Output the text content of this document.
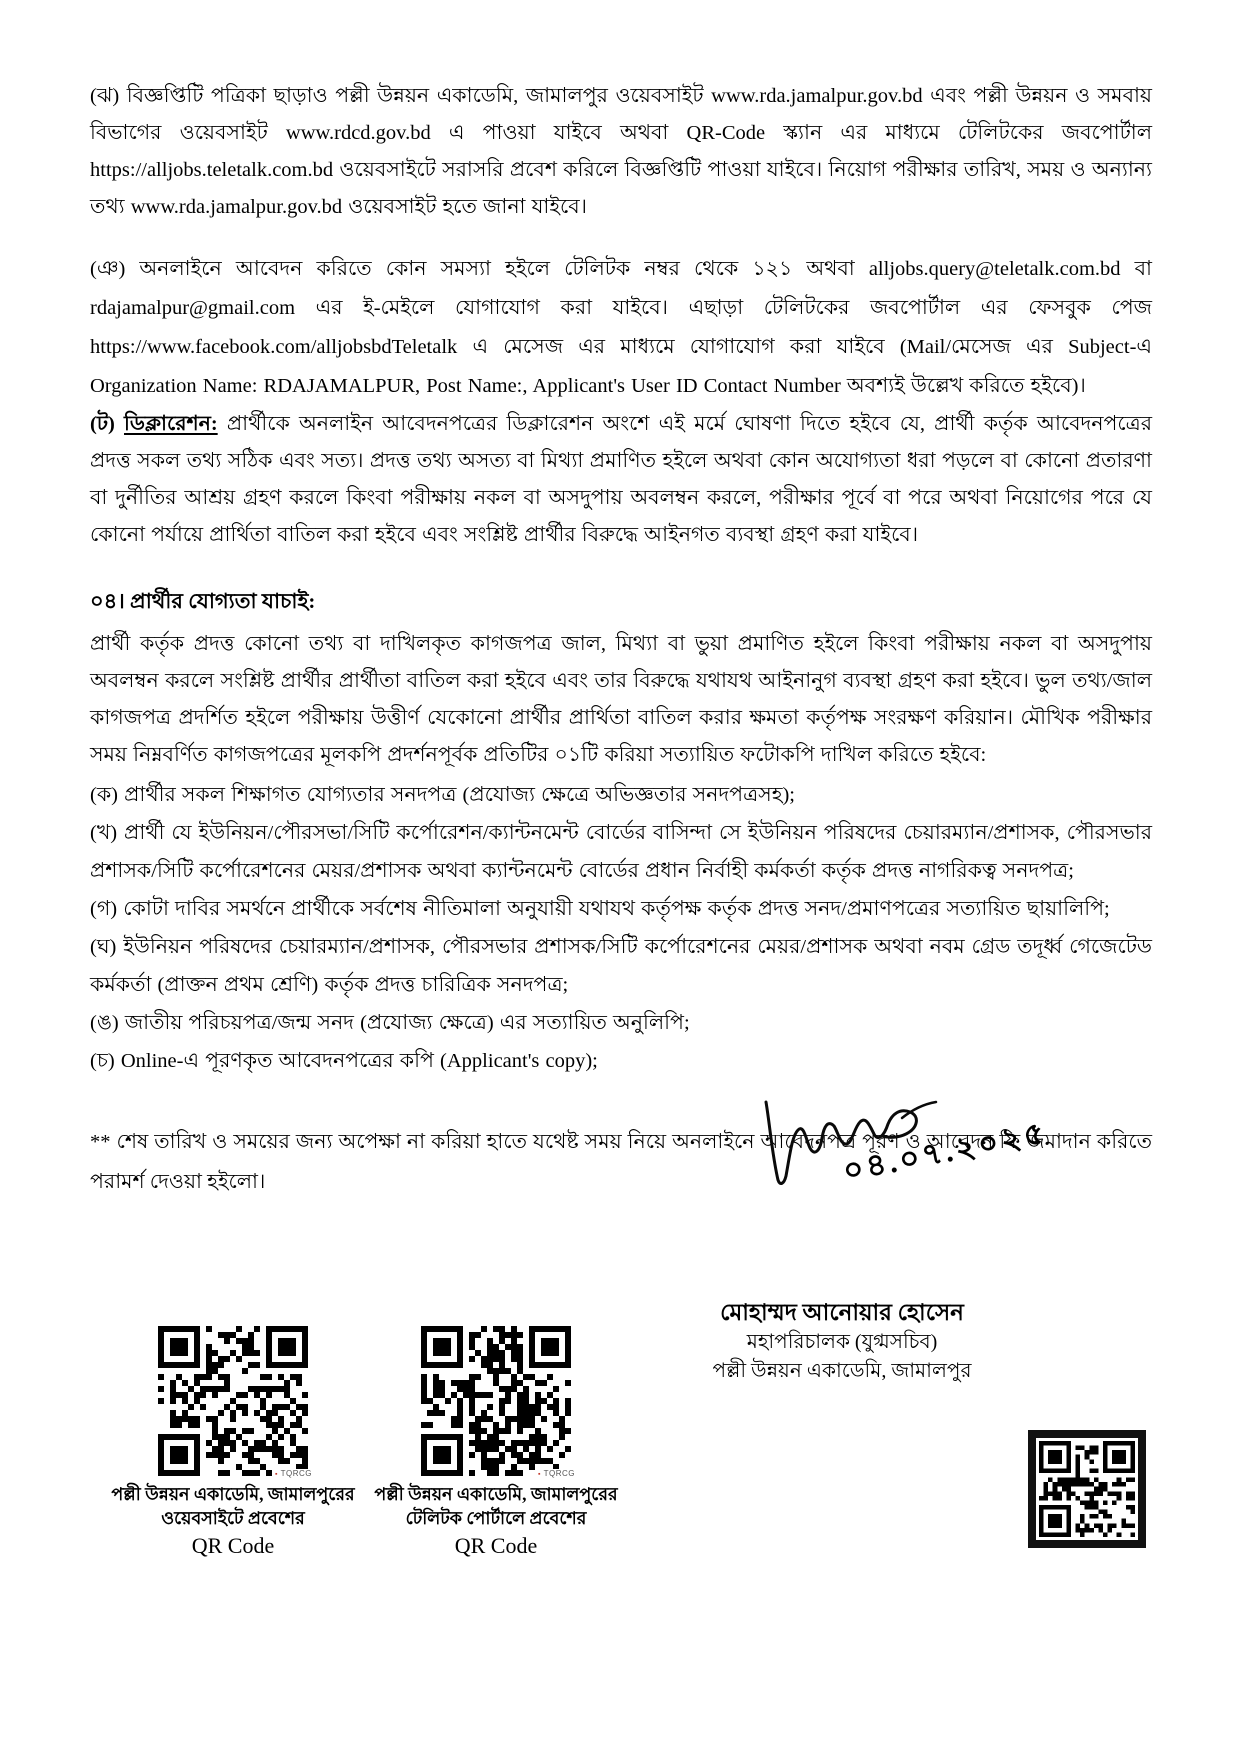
(ঝ) বিজ্ঞপ্তিটি পত্রিকা ছাড়াও পল্লী উন্নয়ন একাডেমি, জামালপুর ওয়েবসাইট www.rda.jamalpur.gov.bd এবং পল্লী উন্নয়ন ও সমবায় বিভাগের ওয়েবসাইট www.rdcd.gov.bd এ পাওয়া যাইবে অথবা QR-Code স্ক্যান এর মাধ্যমে টেলিটকের জবপোর্টাল https://alljobs.teletalk.com.bd ওয়েবসাইটে সরাসরি প্রবেশ করিলে বিজ্ঞপ্তিটি পাওয়া যাইবে। নিয়োগ পরীক্ষার তারিখ, সময় ও অন্যান্য তথ্য www.rda.jamalpur.gov.bd ওয়েবসাইট হতে জানা যাইবে।

(ঞ) অনলাইনে আবেদন করিতে কোন সমস্যা হইলে টেলিটক নম্বর থেকে ১২১ অথবা alljobs.query@teletalk.com.bd বা rdajamalpur@gmail.com এর ই-মেইলে যোগাযোগ করা যাইবে। এছাড়া টেলিটকের জবপোর্টাল এর ফেসবুক পেজ https://www.facebook.com/alljobsbdTeletalk এ মেসেজ এর মাধ্যমে যোগাযোগ করা যাইবে (Mail/মেসেজ এর Subject-এ Organization Name: RDAJAMALPUR, Post Name:, Applicant's User ID Contact Number অবশ্যই উল্লেখ করিতে হইবে)।

(ট) ডিক্লারেশন: প্রার্থীকে অনলাইন আবেদনপত্রের ডিক্লারেশন অংশে এই মর্মে ঘোষণা দিতে হইবে যে, প্রার্থী কর্তৃক আবেদনপত্রের প্রদত্ত সকল তথ্য সঠিক এবং সত্য। প্রদত্ত তথ্য অসত্য বা মিথ্যা প্রমাণিত হইলে অথবা কোন অযোগ্যতা ধরা পড়লে বা কোনো প্রতারণা বা দুর্নীতির আশ্রয় গ্রহণ করলে কিংবা পরীক্ষায় নকল বা অসদুপায় অবলম্বন করলে, পরীক্ষার পূর্বে বা পরে অথবা নিয়োগের পরে যে কোনো পর্যায়ে প্রার্থিতা বাতিল করা হইবে এবং সংশ্লিষ্ট প্রার্থীর বিরুদ্ধে আইনগত ব্যবস্থা গ্রহণ করা যাইবে।

০৪। প্রার্থীর যোগ্যতা যাচাই:

প্রার্থী কর্তৃক প্রদত্ত কোনো তথ্য বা দাখিলকৃত কাগজপত্র জাল, মিথ্যা বা ভুয়া প্রমাণিত হইলে কিংবা পরীক্ষায় নকল বা অসদুপায় অবলম্বন করলে সংশ্লিষ্ট প্রার্থীর প্রার্থীতা বাতিল করা হইবে এবং তার বিরুদ্ধে যথাযথ আইনানুগ ব্যবস্থা গ্রহণ করা হইবে। ভুল তথ্য/জাল কাগজপত্র প্রদর্শিত হইলে পরীক্ষায় উত্তীর্ণ যেকোনো প্রার্থীর প্রার্থিতা বাতিল করার ক্ষমতা কর্তৃপক্ষ সংরক্ষণ করিয়ান। মৌখিক পরীক্ষার সময় নিম্নবর্ণিত কাগজপত্রের মূলকপি প্রদর্শনপূর্বক প্রতিটির ০১টি করিয়া সত্যায়িত ফটোকপি দাখিল করিতে হইবে:

(ক) প্রার্থীর সকল শিক্ষাগত যোগ্যতার সনদপত্র (প্রযোজ্য ক্ষেত্রে অভিজ্ঞতার সনদপত্রসহ);
(খ) প্রার্থী যে ইউনিয়ন/পৌরসভা/সিটি কর্পোরেশন/ক্যান্টনমেন্ট বোর্ডের বাসিন্দা সে ইউনিয়ন পরিষদের চেয়ারম্যান/প্রশাসক, পৌরসভার প্রশাসক/সিটি কর্পোরেশনের মেয়র/প্রশাসক অথবা ক্যান্টনমেন্ট বোর্ডের প্রধান নির্বাহী কর্মকর্তা কর্তৃক প্রদত্ত নাগরিকত্ব সনদপত্র;
(গ) কোটা দাবির সমর্থনে প্রার্থীকে সর্বশেষ নীতিমালা অনুযায়ী যথাযথ কর্তৃপক্ষ কর্তৃক প্রদত্ত সনদ/প্রমাণপত্রের সত্যায়িত ছায়ালিপি;
(ঘ) ইউনিয়ন পরিষদের চেয়ারম্যান/প্রশাসক, পৌরসভার প্রশাসক/সিটি কর্পোরেশনের মেয়র/প্রশাসক অথবা নবম গ্রেড তদূর্ধ্ব গেজেটেড কর্মকর্তা (প্রাক্তন প্রথম শ্রেণি) কর্তৃক প্রদত্ত চারিত্রিক সনদপত্র;
(ঙ) জাতীয় পরিচয়পত্র/জন্ম সনদ (প্রযোজ্য ক্ষেত্রে) এর সত্যায়িত অনুলিপি;
(চ) Online-এ পূরণকৃত আবেদনপত্রের কপি (Applicant's copy);

** শেষ তারিখ ও সময়ের জন্য অপেক্ষা না করিয়া হাতে যথেষ্ট সময় নিয়ে অনলাইনে আবেদনপত্র পূরণ ও আবেদন ফি জমাদান করিতে পরামর্শ দেওয়া হইলো।	০৪.০৭.২০২৫
মোহাম্মদ আনোয়ার হোসেন
মহাপরিচালক (যুগ্মসচিব)
পল্লী উন্নয়ন একাডেমি, জামালপুর
▪ TQRCG
পল্লী উন্নয়ন একাডেমি, জামালপুরের
ওয়েবসাইটে প্রবেশের
QR Code
▪ TQRCG
পল্লী উন্নয়ন একাডেমি, জামালপুরের
টেলিটক পোর্টালে প্রবেশের
QR Code
